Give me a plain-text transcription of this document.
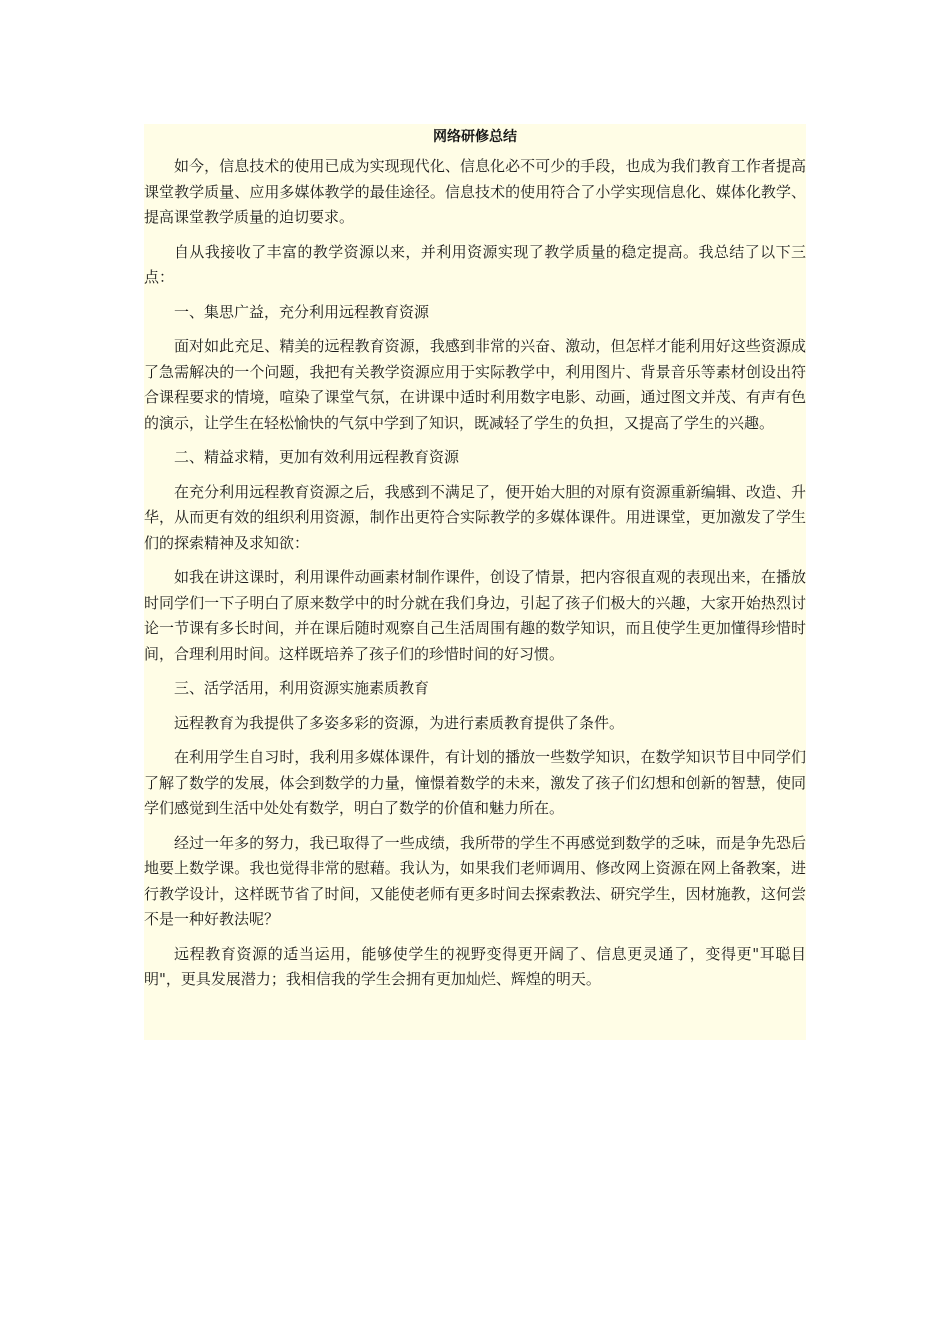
网络研修总结

如今，信息技术的使用已成为实现现代化、信息化必不可少的手段，也成为我们教育工作者提高课堂教学质量、应用多媒体教学的最佳途径。信息技术的使用符合了小学实现信息化、媒体化教学、提高课堂教学质量的迫切要求。

自从我接收了丰富的教学资源以来，并利用资源实现了教学质量的稳定提高。我总结了以下三点：

一、集思广益，充分利用远程教育资源

面对如此充足、精美的远程教育资源，我感到非常的兴奋、激动，但怎样才能利用好这些资源成了急需解决的一个问题，我把有关教学资源应用于实际教学中，利用图片、背景音乐等素材创设出符合课程要求的情境，喧染了课堂气氛，在讲课中适时利用数字电影、动画，通过图文并茂、有声有色的演示，让学生在轻松愉快的气氛中学到了知识，既减轻了学生的负担，又提高了学生的兴趣。

二、精益求精，更加有效利用远程教育资源

在充分利用远程教育资源之后，我感到不满足了，便开始大胆的对原有资源重新编辑、改造、升华，从而更有效的组织利用资源，制作出更符合实际教学的多媒体课件。用进课堂，更加激发了学生们的探索精神及求知欲：

如我在讲这课时，利用课件动画素材制作课件，创设了情景，把内容很直观的表现出来，在播放时同学们一下子明白了原来数学中的时分就在我们身边，引起了孩子们极大的兴趣，大家开始热烈讨论一节课有多长时间，并在课后随时观察自己生活周围有趣的数学知识，而且使学生更加懂得珍惜时间，合理利用时间。这样既培养了孩子们的珍惜时间的好习惯。

三、活学活用，利用资源实施素质教育

远程教育为我提供了多姿多彩的资源，为进行素质教育提供了条件。

在利用学生自习时，我利用多媒体课件，有计划的播放一些数学知识，在数学知识节目中同学们了解了数学的发展，体会到数学的力量，憧憬着数学的未来，激发了孩子们幻想和创新的智慧，使同学们感觉到生活中处处有数学，明白了数学的价值和魅力所在。

经过一年多的努力，我已取得了一些成绩，我所带的学生不再感觉到数学的乏味，而是争先恐后地要上数学课。我也觉得非常的慰藉。我认为，如果我们老师调用、修改网上资源在网上备教案，进行教学设计，这样既节省了时间，又能使老师有更多时间去探索教法、研究学生，因材施教，这何尝不是一种好教法呢？

远程教育资源的适当运用，能够使学生的视野变得更开阔了、信息更灵通了，变得更"耳聪目明"，更具发展潜力；我相信我的学生会拥有更加灿烂、辉煌的明天。
